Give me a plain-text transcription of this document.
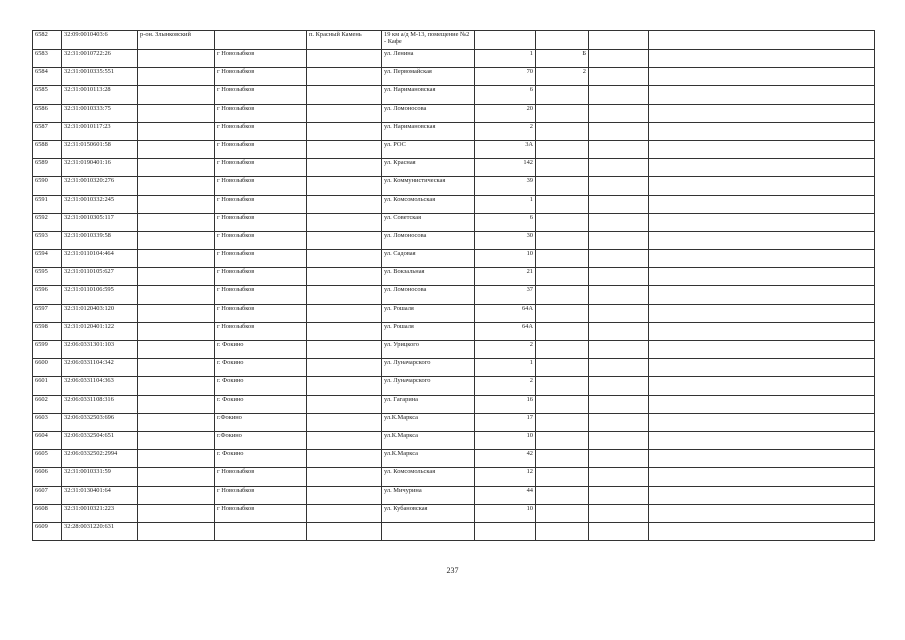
6582	32:09:0010403:6	р-он. Злынковский		п. Красный Камень	19 км а/д М-13, помещение №2 - Кафе				
6583	32:31:0010722:26		г Новозыбков		ул. Ленина	1	Б		
6584	32:31:0010335:551		г Новозыбков		ул. Первомайская	70	2		
6585	32:31:0010113:28		г Новозыбков		ул. Наримановская	6			
6586	32:31:0010333:75		г Новозыбков		ул. Ломоносова	20			
6587	32:31:0010117:23		г Новозыбков		ул. Наримановская	2			
6588	32:31:0150601:58		г Новозыбков		ул. РОС	3А			
6589	32:31:0190401:16		г Новозыбков		ул. Красная	142			
6590	32:31:0010320:276		г Новозыбков		ул. Коммунистическая	39			
6591	32:31:0010332:245		г Новозыбков		ул. Комсомольская	1			
6592	32:31:0010305:117		г Новозыбков		ул. Советская	6			
6593	32:31:0010339:58		г Новозыбков		ул. Ломоносова	30			
6594	32:31:0110104:464		г Новозыбков		ул. Садовая	10			
6595	32:31:0110105:627		г Новозыбков		ул. Вокзальная	21			
6596	32:31:0110106:595		г Новозыбков		ул. Ломоносова	37			
6597	32:31:0120403:120		г Новозыбков		ул. Рошаля	64А			
6598	32:31:0120401:122		г Новозыбков		ул. Рошаля	64А			
6599	32:06:0331301:103		г. Фокино		ул. Урицкого	2			
6600	32:06:0331104:342		г. Фокино		ул. Луначарского	1			
6601	32:06:0331104:363		г. Фокино		ул. Луначарского	2			
6602	32:06:0331108:316		г. Фокино		ул. Гагарина	16			
6603	32:06:0332503:696		г.Фокино		ул.К.Маркса	17			
6604	32:06:0332504:651		г.Фокино		ул.К.Маркса	10			
6605	32:06:0332502:2994		г. Фокино		ул.К.Маркса	42			
6606	32:31:0010331:59		г Новозыбков		ул. Комсомольская	12			
6607	32:31:0130401:64		г Новозыбков		ул. Мичурина	44			
6608	32:31:0010321:223		г Новозыбков		ул. Кубановская	10			
6609	32:28:0031220:631								
237
